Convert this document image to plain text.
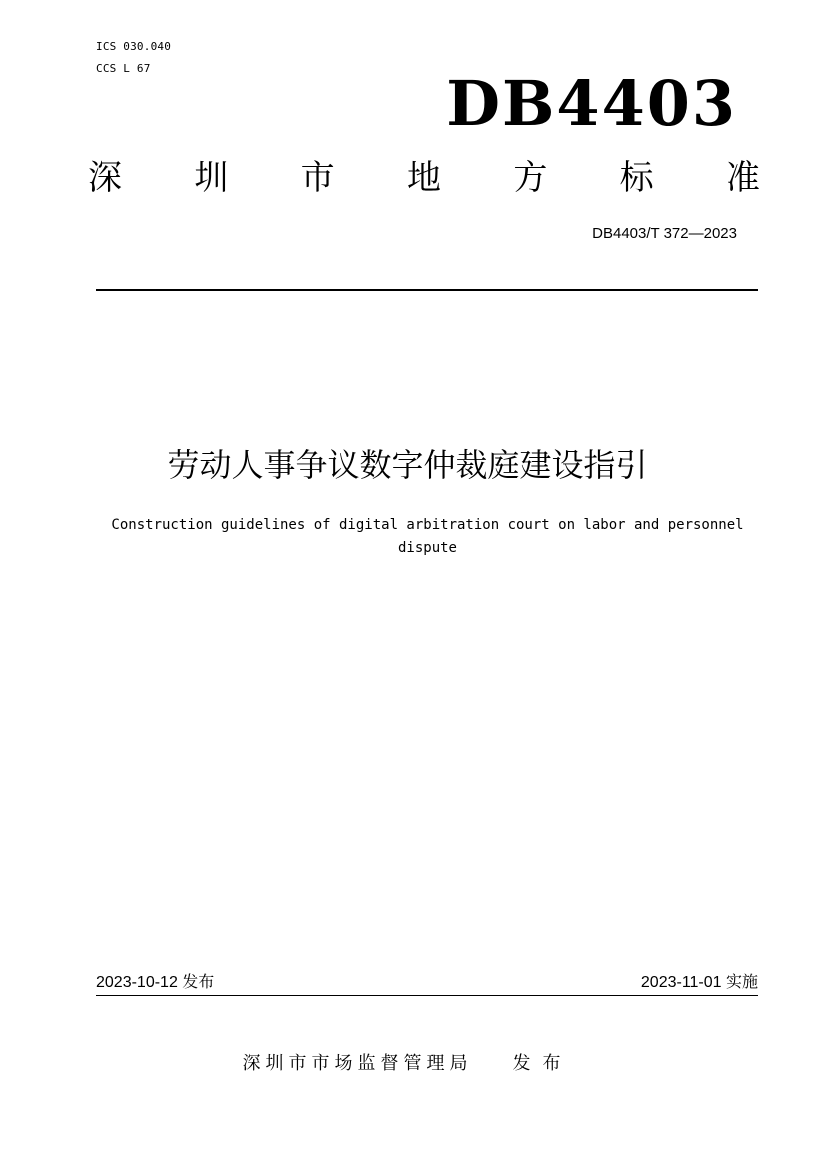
ICS 030.040
CCS L 67	DB4403
深 圳 市 地 方 标 准
DB4403/T 372—2023
劳动人事争议数字仲裁庭建设指引
Construction guidelines of digital arbitration court on labor and personnel dispute
2023-10-12 发布	2023-11-01 实施
深圳市市场监督管理局 发布
